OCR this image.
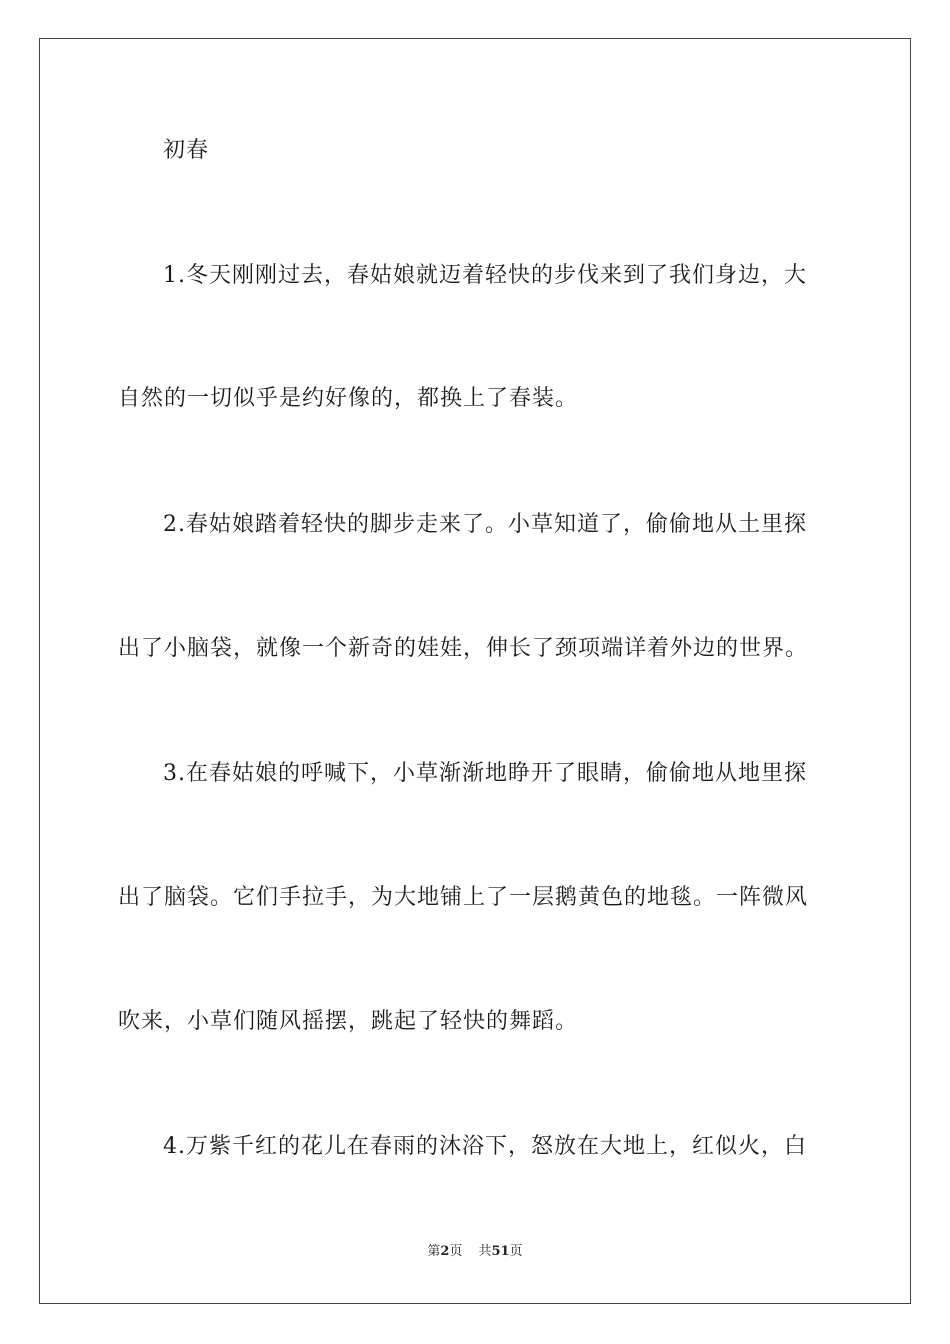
初春
1.冬天刚刚过去，春姑娘就迈着轻快的步伐来到了我们身边，大
自然的一切似乎是约好像的，都换上了春装。
2.春姑娘踏着轻快的脚步走来了。小草知道了，偷偷地从土里探
出了小脑袋，就像一个新奇的娃娃，伸长了颈项端详着外边的世界。
3.在春姑娘的呼喊下，小草渐渐地睁开了眼睛，偷偷地从地里探
出了脑袋。它们手拉手，为大地铺上了一层鹅黄色的地毯。一阵微风
吹来，小草们随风摇摆，跳起了轻快的舞蹈。
4.万紫千红的花儿在春雨的沐浴下，怒放在大地上，红似火，白
第2页 共51页
